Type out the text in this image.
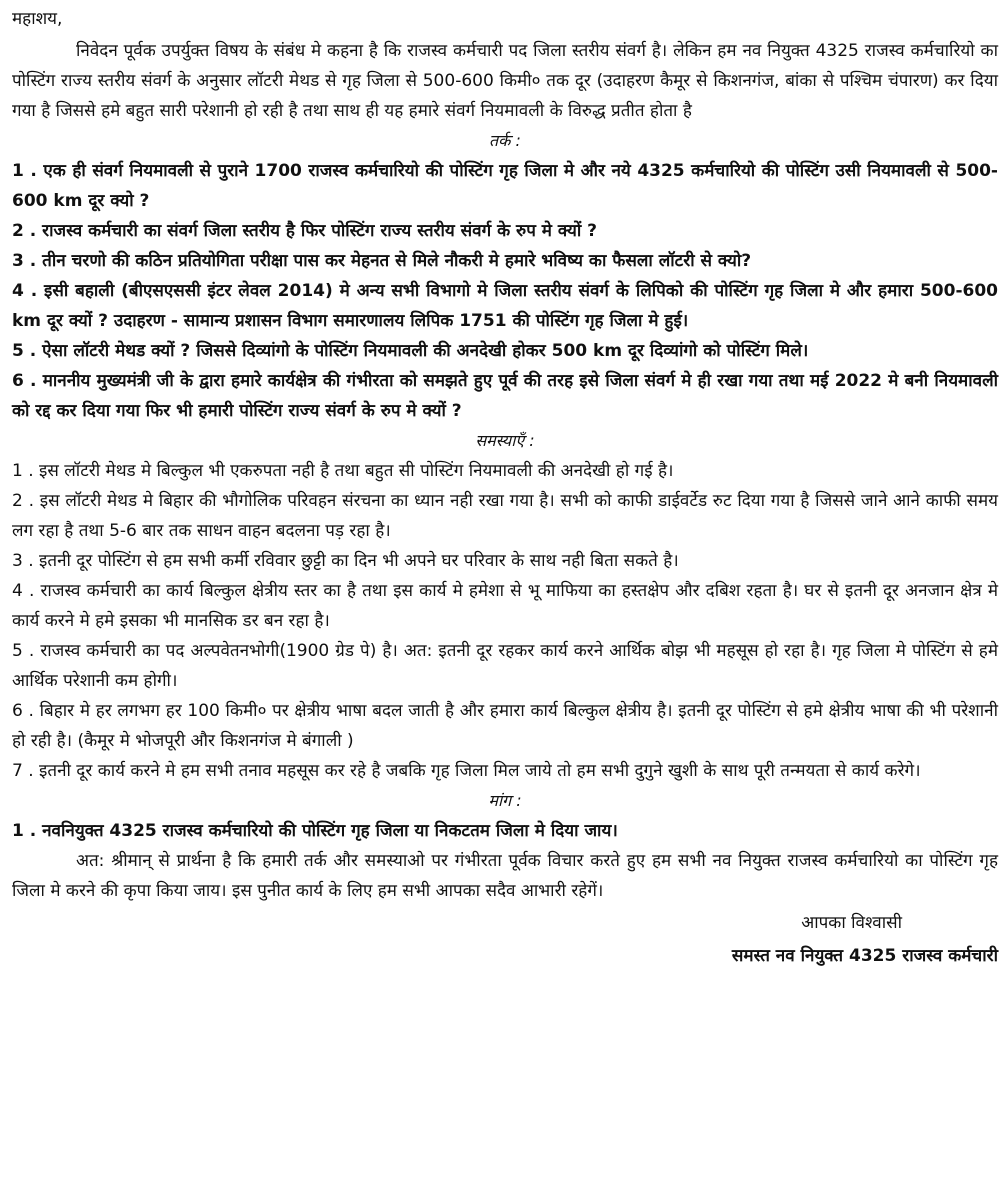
महाशय,

निवेदन पूर्वक उपर्युक्त विषय के संबंध मे कहना है कि राजस्व कर्मचारी पद जिला स्तरीय संवर्ग है। लेकिन हम नव नियुक्त 4325 राजस्व कर्मचारियो का पोस्टिंग राज्य स्तरीय संवर्ग के अनुसार लॉटरी मेथड से गृह जिला से 500-600 किमी० तक दूर (उदाहरण कैमूर से किशनगंज, बांका से पश्चिम चंपारण) कर दिया गया है जिससे हमे बहुत सारी परेशानी हो रही है तथा साथ ही यह हमारे संवर्ग नियमावली के विरुद्ध प्रतीत होता है

तर्क :

1 . एक ही संवर्ग नियमावली से पुराने 1700 राजस्व कर्मचारियो की पोस्टिंग गृह जिला मे और नये 4325 कर्मचारियो की पोस्टिंग उसी नियमावली से 500-600 km दूर क्यो ?

2 . राजस्व कर्मचारी का संवर्ग जिला स्तरीय है फिर पोस्टिंग राज्य स्तरीय संवर्ग के रुप मे क्यों ?

3 . तीन चरणो की कठिन प्रतियोगिता परीक्षा पास कर मेहनत से मिले नौकरी मे हमारे भविष्य का फैसला लॉटरी से क्यो?

4 . इसी बहाली (बीएसएससी इंटर लेवल 2014) मे अन्य सभी विभागो मे जिला स्तरीय संवर्ग के लिपिको की पोस्टिंग गृह जिला मे और हमारा 500-600 km दूर क्यों ? उदाहरण - सामान्य प्रशासन विभाग समारणालय लिपिक 1751 की पोस्टिंग गृह जिला मे हुई।

5 . ऐसा लॉटरी मेथड क्यों ? जिससे दिव्यांगो के पोस्टिंग नियमावली की अनदेखी होकर 500 km दूर दिव्यांगो को पोस्टिंग मिले।

6 . माननीय मुख्यमंत्री जी के द्वारा हमारे कार्यक्षेत्र की गंभीरता को समझते हुए पूर्व की तरह इसे जिला संवर्ग मे ही रखा गया तथा मई 2022 मे बनी नियमावली को रद्द कर दिया गया फिर भी हमारी पोस्टिंग राज्य संवर्ग के रुप मे क्यों ?

समस्याएँ :

1 . इस लॉटरी मेथड मे बिल्कुल भी एकरुपता नही है तथा बहुत सी पोस्टिंग नियमावली की अनदेखी हो गई है।

2 . इस लॉटरी मेथड मे बिहार की भौगोलिक परिवहन संरचना का ध्यान नही रखा गया है। सभी को काफी डाईवर्टेड रुट दिया गया है जिससे जाने आने काफी समय लग रहा है तथा 5-6 बार तक साधन वाहन बदलना पड़ रहा है।

3 . इतनी दूर पोस्टिंग से हम सभी कर्मी रविवार छुट्टी का दिन भी अपने घर परिवार के साथ नही बिता सकते है।

4 . राजस्व कर्मचारी का कार्य बिल्कुल क्षेत्रीय स्तर का है तथा इस कार्य मे हमेशा से भू माफिया का हस्तक्षेप और दबिश रहता है। घर से इतनी दूर अनजान क्षेत्र मे कार्य करने मे हमे इसका भी मानसिक डर बन रहा है।

5 . राजस्व कर्मचारी का पद अल्पवेतनभोगी(1900 ग्रेड पे) है। अत: इतनी दूर रहकर कार्य करने आर्थिक बोझ भी महसूस हो रहा है। गृह जिला मे पोस्टिंग से हमे आर्थिक परेशानी कम होगी।

6 . बिहार मे हर लगभग हर 100 किमी० पर क्षेत्रीय भाषा बदल जाती है और हमारा कार्य बिल्कुल क्षेत्रीय है। इतनी दूर पोस्टिंग से हमे क्षेत्रीय भाषा की भी परेशानी हो रही है। (कैमूर मे भोजपूरी और किशनगंज मे बंगाली )

7 . इतनी दूर कार्य करने मे हम सभी तनाव महसूस कर रहे है जबकि गृह जिला मिल जाये तो हम सभी दुगुने खुशी के साथ पूरी तन्मयता से कार्य करेगे।

मांग :

1 . नवनियुक्त 4325 राजस्व कर्मचारियो की पोस्टिंग गृह जिला या निकटतम जिला मे दिया जाय।

अत: श्रीमान् से प्रार्थना है कि हमारी तर्क और समस्याओ पर गंभीरता पूर्वक विचार करते हुए हम सभी नव नियुक्त राजस्व कर्मचारियो का पोस्टिंग गृह जिला मे करने की कृपा किया जाय। इस पुनीत कार्य के लिए हम सभी आपका सदैव आभारी रहेगें।

आपका विश्वासी
समस्त नव नियुक्त 4325 राजस्व कर्मचारी
